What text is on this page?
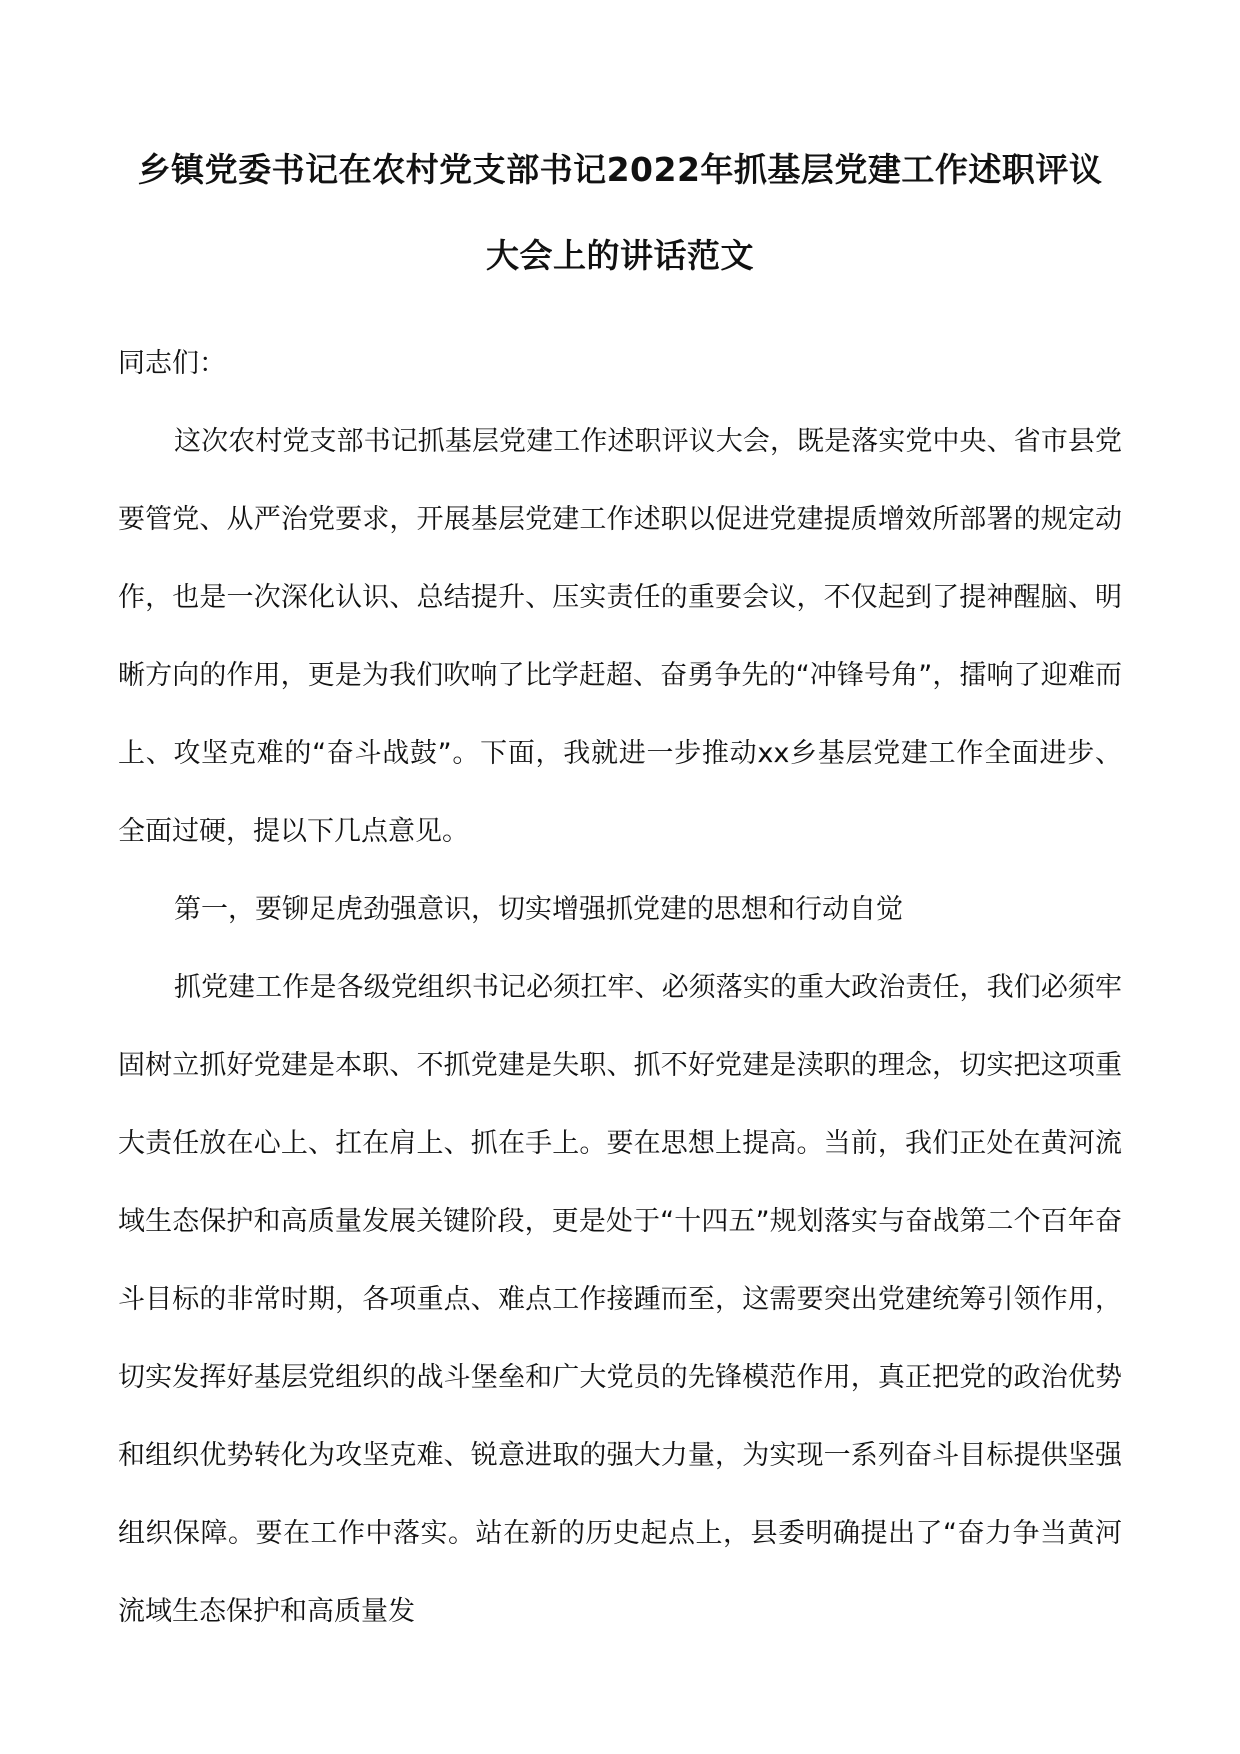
乡镇党委书记在农村党支部书记2022年抓基层党建工作述职评议
大会上的讲话范文

同志们：

这次农村党支部书记抓基层党建工作述职评议大会，既是落实党中央、省市县党要管党、从严治党要求，开展基层党建工作述职以促进党建提质增效所部署的规定动作，也是一次深化认识、总结提升、压实责任的重要会议，不仅起到了提神醒脑、明晰方向的作用，更是为我们吹响了比学赶超、奋勇争先的“冲锋号角”，擂响了迎难而上、攻坚克难的“奋斗战鼓”。下面，我就进一步推动xx乡基层党建工作全面进步、全面过硬，提以下几点意见。

第一，要铆足虎劲强意识，切实增强抓党建的思想和行动自觉

抓党建工作是各级党组织书记必须扛牢、必须落实的重大政治责任，我们必须牢固树立抓好党建是本职、不抓党建是失职、抓不好党建是渎职的理念，切实把这项重大责任放在心上、扛在肩上、抓在手上。要在思想上提高。当前，我们正处在黄河流域生态保护和高质量发展关键阶段，更是处于“十四五”规划落实与奋战第二个百年奋斗目标的非常时期，各项重点、难点工作接踵而至，这需要突出党建统筹引领作用，切实发挥好基层党组织的战斗堡垒和广大党员的先锋模范作用，真正把党的政治优势和组织优势转化为攻坚克难、锐意进取的强大力量，为实现一系列奋斗目标提供坚强组织保障。要在工作中落实。站在新的历史起点上，县委明确提出了“奋力争当黄河流域生态保护和高质量发
